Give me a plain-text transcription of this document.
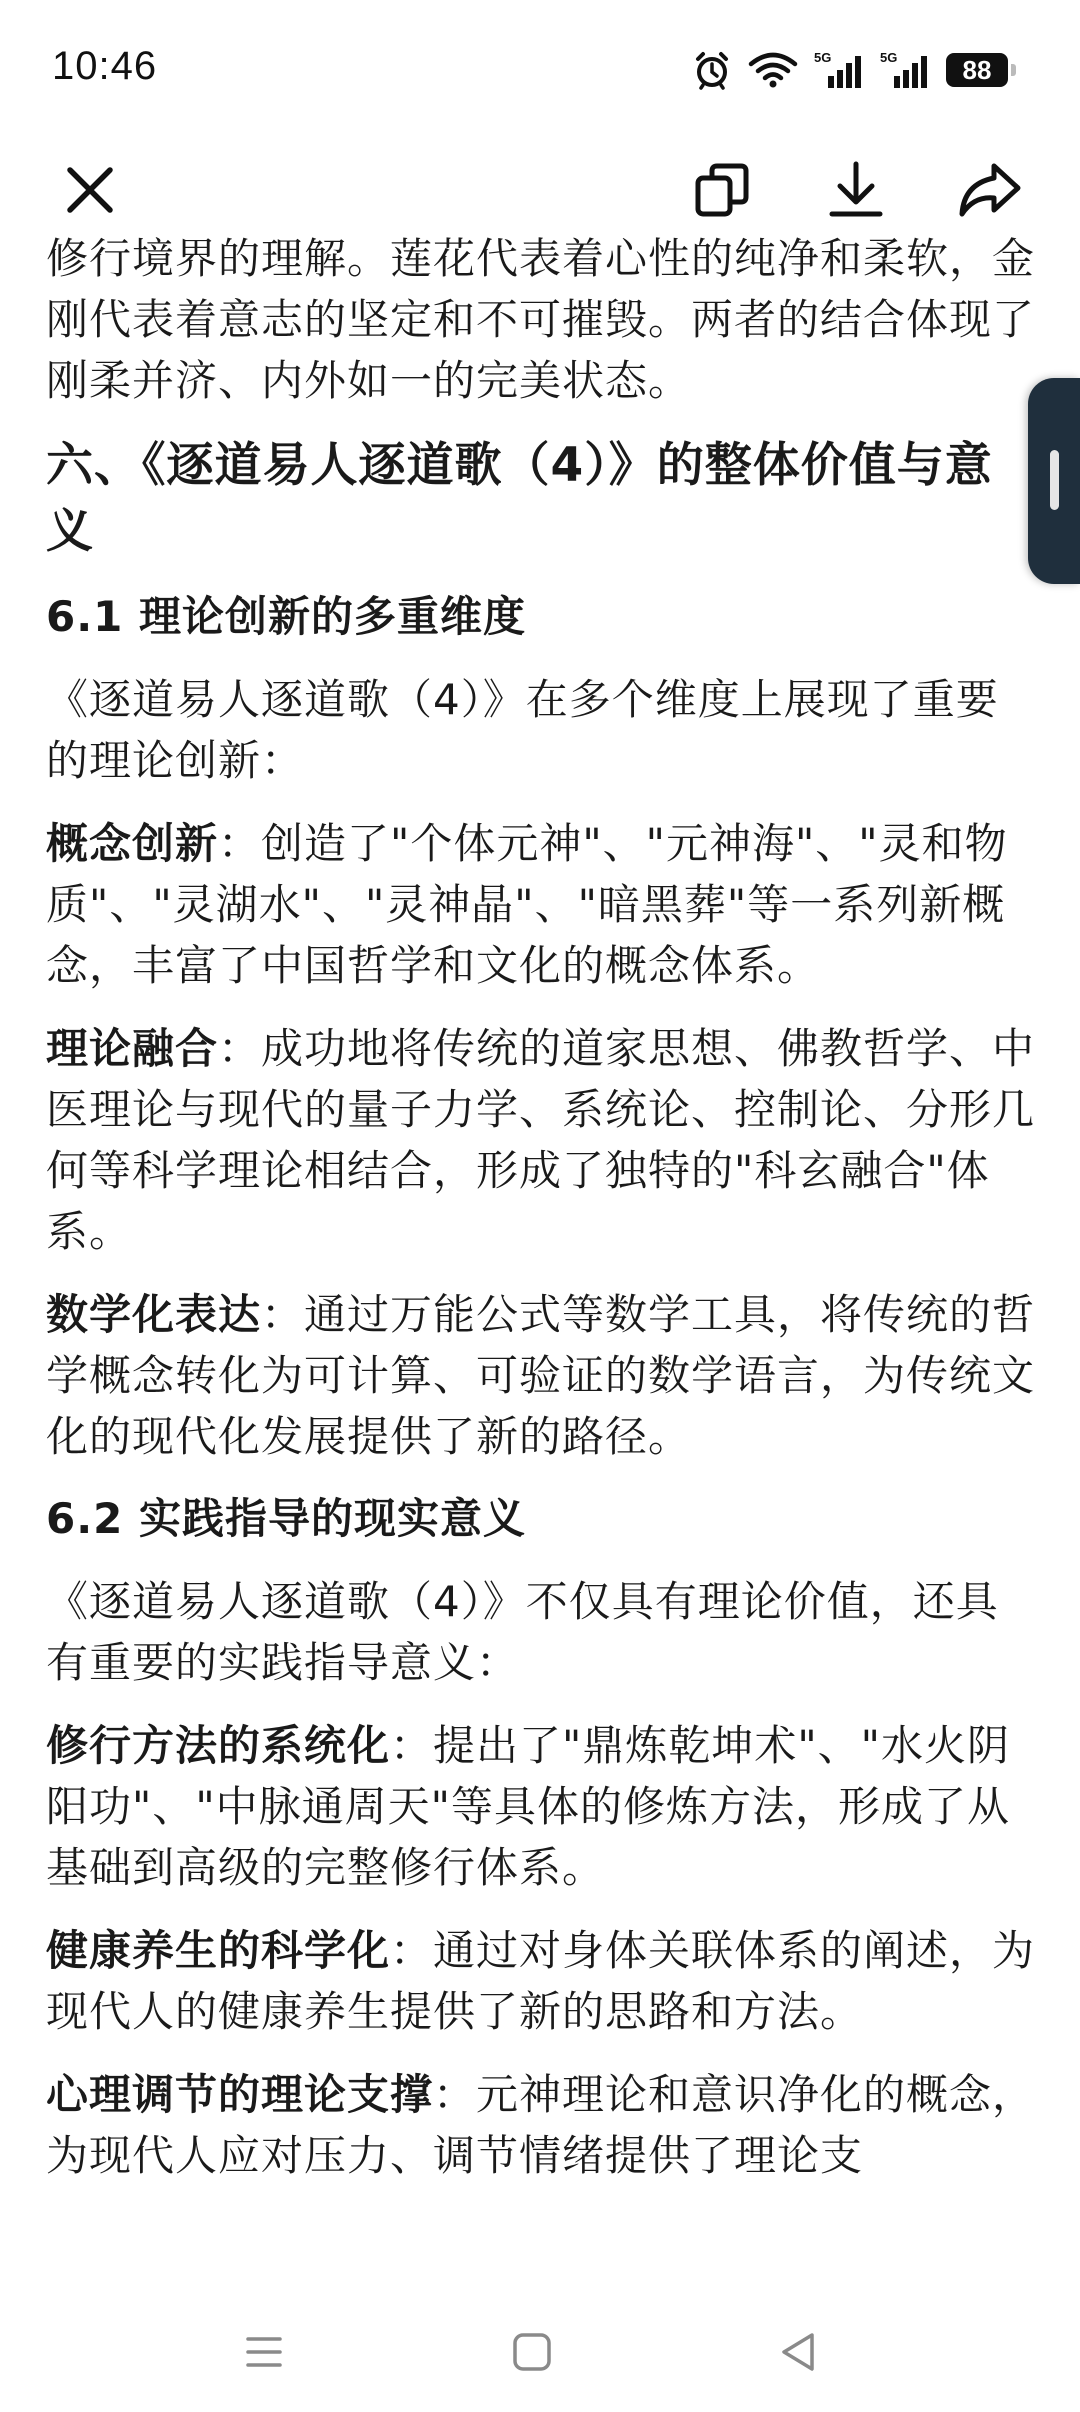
10:46	5G	5G	88

修行境界的理解。莲花代表着心性的纯净和柔软，金刚代表着意志的坚定和不可摧毁。两者的结合体现了刚柔并济、内外如一的完美状态。

六、《逐道易人逐道歌（4）》的整体价值与意义
6.1 理论创新的多重维度

《逐道易人逐道歌（4）》在多个维度上展现了重要的理论创新：

概念创新：创造了"个体元神"、"元神海"、"灵和物质"、"灵湖水"、"灵神晶"、"暗黑葬"等一系列新概念，丰富了中国哲学和文化的概念体系。

理论融合：成功地将传统的道家思想、佛教哲学、中医理论与现代的量子力学、系统论、控制论、分形几何等科学理论相结合，形成了独特的"科玄融合"体系。

数学化表达：通过万能公式等数学工具，将传统的哲学概念转化为可计算、可验证的数学语言，为传统文化的现代化发展提供了新的路径。

6.2 实践指导的现实意义

《逐道易人逐道歌（4）》不仅具有理论价值，还具有重要的实践指导意义：

修行方法的系统化：提出了"鼎炼乾坤术"、"水火阴阳功"、"中脉通周天"等具体的修炼方法，形成了从基础到高级的完整修行体系。

健康养生的科学化：通过对身体关联体系的阐述，为现代人的健康养生提供了新的思路和方法。

心理调节的理论支撑：元神理论和意识净化的概念，为现代人应对压力、调节情绪提供了理论支
